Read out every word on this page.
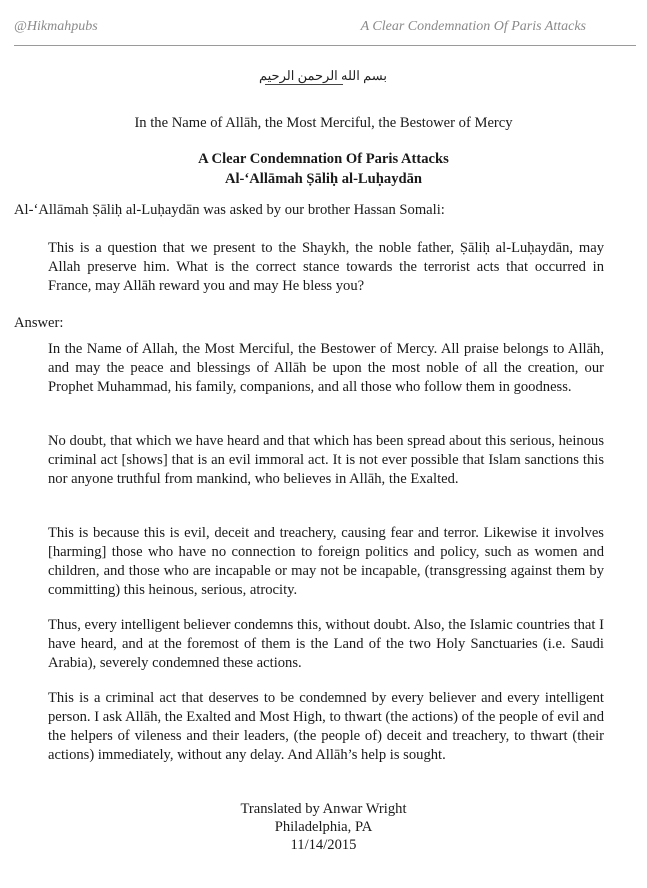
@Hikmahpubs	A Clear Condemnation Of Paris Attacks
بسم الله الرحمن الرحيم
In the Name of Allāh, the Most Merciful, the Bestower of Mercy
A Clear Condemnation Of Paris Attacks
Al-‘Allāmah Ṣāliḥ al-Luḥaydān
Al-‘Allāmah Ṣāliḥ al-Luḥaydān was asked by our brother Hassan Somali:

This is a question that we present to the Shaykh, the noble father, Ṣāliḥ al-Luḥaydān, may Allah preserve him. What is the correct stance towards the terrorist acts that occurred in France, may Allāh reward you and may He bless you?

Answer:

In the Name of Allah, the Most Merciful, the Bestower of Mercy. All praise belongs to Allāh, and may the peace and blessings of Allāh be upon the most noble of all the creation, our Prophet Muhammad, his family, companions, and all those who follow them in goodness.

No doubt, that which we have heard and that which has been spread about this serious, heinous criminal act [shows] that is an evil immoral act. It is not ever possible that Islam sanctions this nor anyone truthful from mankind, who believes in Allāh, the Exalted.

This is because this is evil, deceit and treachery, causing fear and terror. Likewise it involves [harming] those who have no connection to foreign politics and policy, such as women and children, and those who are incapable or may not be incapable, (transgressing against them by committing) this heinous, serious, atrocity.

Thus, every intelligent believer condemns this, without doubt. Also, the Islamic countries that I have heard, and at the foremost of them is the Land of the two Holy Sanctuaries (i.e. Saudi Arabia), severely condemned these actions.

This is a criminal act that deserves to be condemned by every believer and every intelligent person. I ask Allāh, the Exalted and Most High, to thwart (the actions) of the people of evil and the helpers of vileness and their leaders, (the people of) deceit and treachery, to thwart (their actions) immediately, without any delay. And Allāh’s help is sought.

Translated by Anwar Wright
Philadelphia, PA
11/14/2015
